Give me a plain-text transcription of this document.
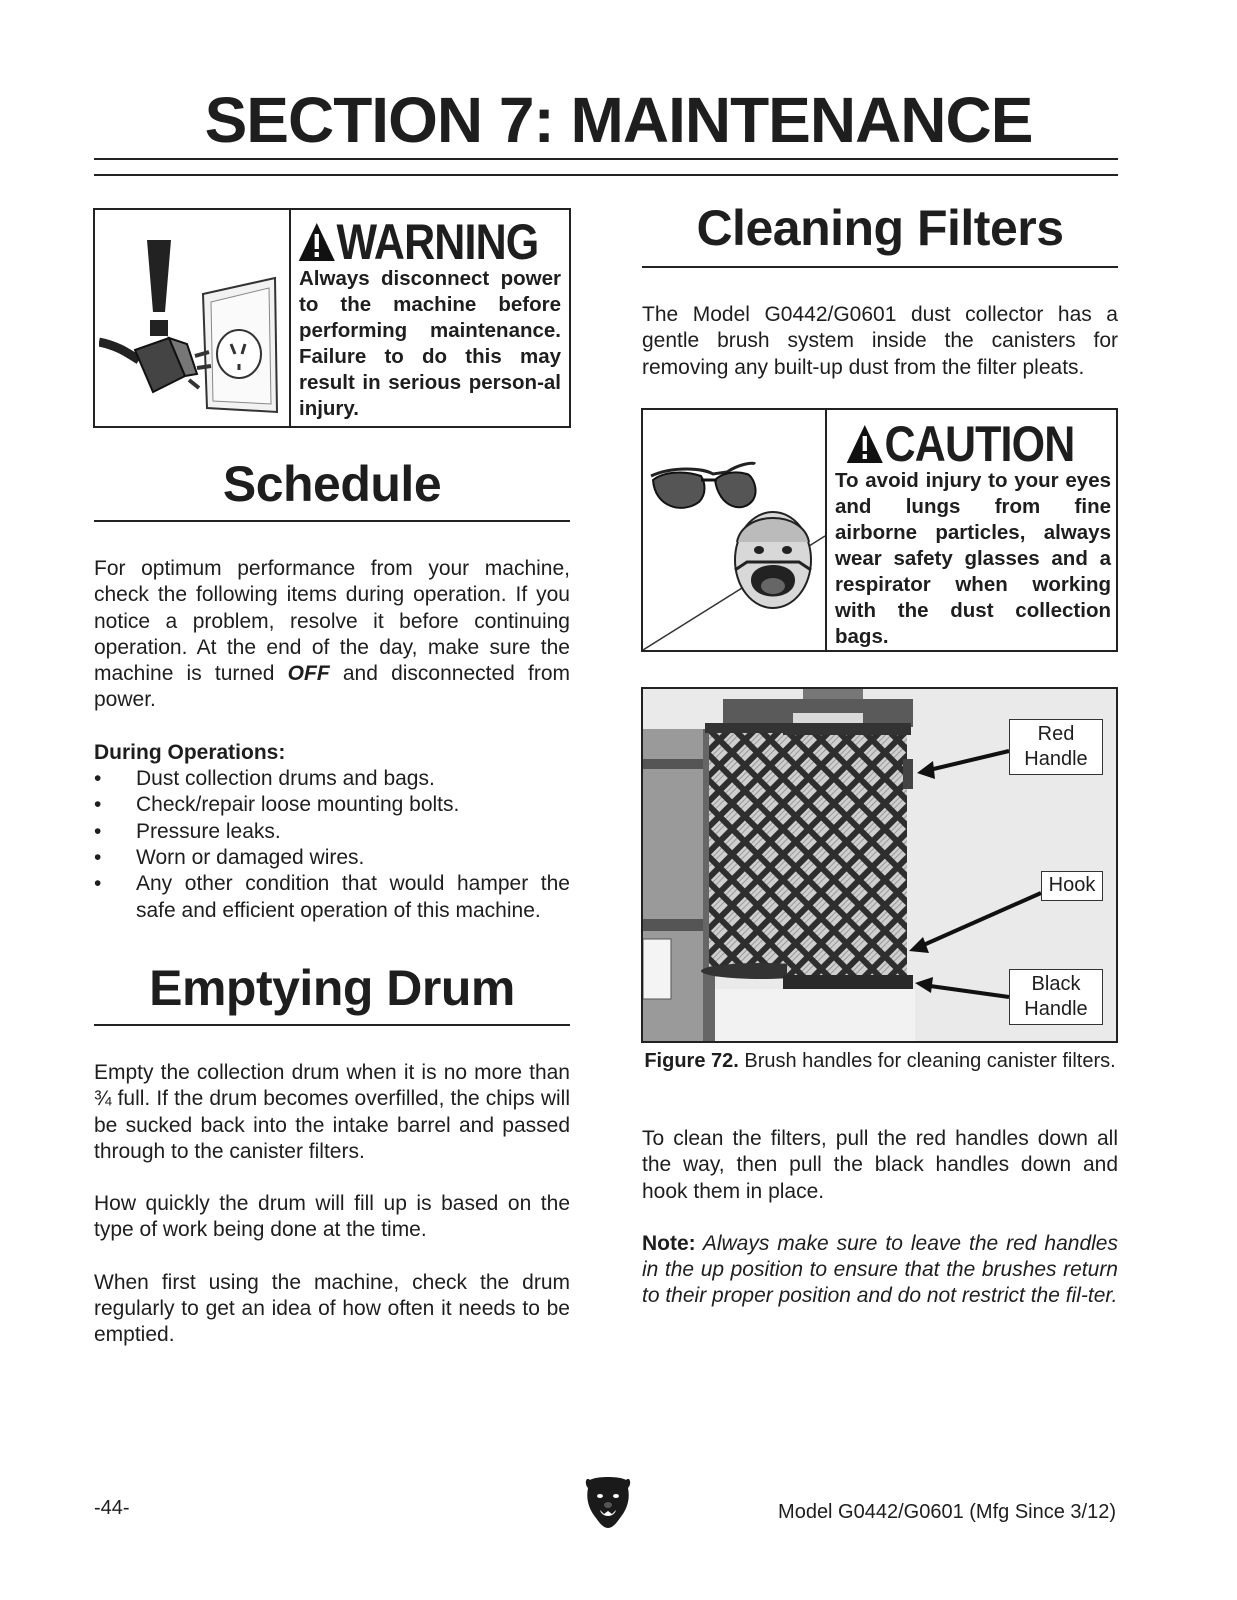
SECTION 7: MAINTENANCE
WARNING

Always disconnect power to the machine before performing maintenance. Failure to do this may result in serious person-al injury.

Schedule

For optimum performance from your machine, check the following items during operation. If you notice a problem, resolve it before continuing operation. At the end of the day, make sure the machine is turned OFF and disconnected from power.

During Operations:
• Dust collection drums and bags.
• Check/repair loose mounting bolts.
• Pressure leaks.
• Worn or damaged wires.
• Any other condition that would hamper the safe and efficient operation of this machine.
Emptying Drum

Empty the collection drum when it is no more than ¾ full. If the drum becomes overfilled, the chips will be sucked back into the intake barrel and passed through to the canister filters.

How quickly the drum will fill up is based on the type of work being done at the time.

When first using the machine, check the drum regularly to get an idea of how often it needs to be emptied.

Cleaning Filters

The Model G0442/G0601 dust collector has a gentle brush system inside the canisters for removing any built-up dust from the filter pleats.

CAUTION

To avoid injury to your eyes and lungs from fine airborne particles, always wear safety glasses and a respirator when working with the dust collection bags.

Red
Handle
Hook
Black
Handle
Figure 72. Brush handles for cleaning canister filters.

To clean the filters, pull the red handles down all the way, then pull the black handles down and hook them in place.

Note: Always make sure to leave the red handles in the up position to ensure that the brushes return to their proper position and do not restrict the fil-ter.

-44-	Model G0442/G0601 (Mfg Since 3/12)
